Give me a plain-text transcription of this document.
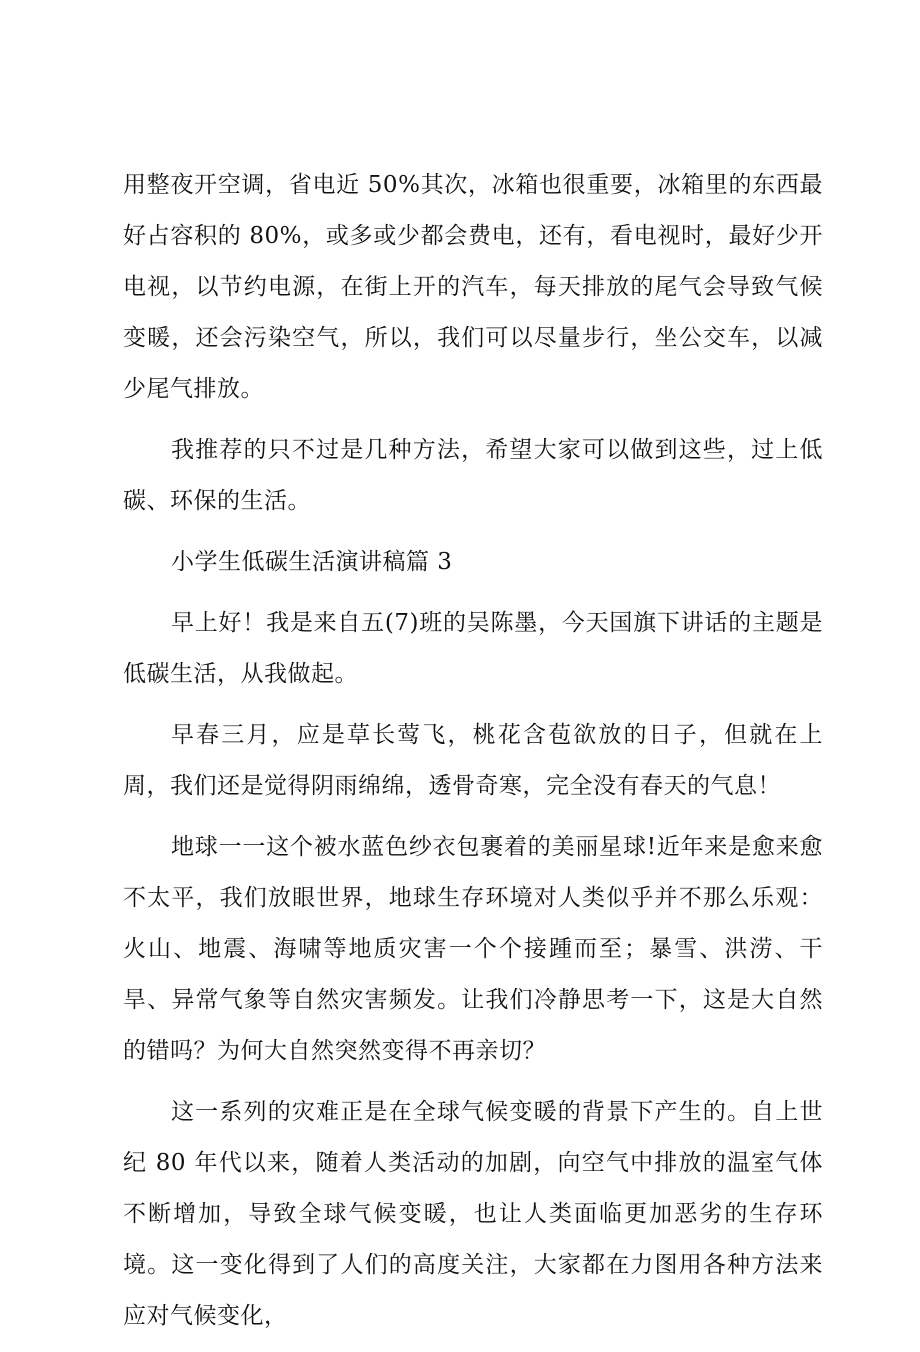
用整夜开空调，省电近 50%其次，冰箱也很重要，冰箱里的东西最好占容积的 80%，或多或少都会费电，还有，看电视时，最好少开电视，以节约电源，在街上开的汽车，每天排放的尾气会导致气候变暖，还会污染空气，所以，我们可以尽量步行，坐公交车，以减少尾气排放。

我推荐的只不过是几种方法，希望大家可以做到这些，过上低碳、环保的生活。

小学生低碳生活演讲稿篇 3

早上好！我是来自五(7)班的吴陈墨，今天国旗下讲话的主题是低碳生活，从我做起。

早春三月，应是草长莺飞，桃花含苞欲放的日子，但就在上周，我们还是觉得阴雨绵绵，透骨奇寒，完全没有春天的气息！

地球一一这个被水蓝色纱衣包裹着的美丽星球!近年来是愈来愈不太平，我们放眼世界，地球生存环境对人类似乎并不那么乐观：火山、地震、海啸等地质灾害一个个接踵而至；暴雪、洪涝、干旱、异常气象等自然灾害频发。让我们冷静思考一下，这是大自然的错吗？为何大自然突然变得不再亲切？

这一系列的灾难正是在全球气候变暖的背景下产生的。自上世纪 80 年代以来，随着人类活动的加剧，向空气中排放的温室气体不断增加，导致全球气候变暖，也让人类面临更加恶劣的生存环境。这一变化得到了人们的高度关注，大家都在力图用各种方法来应对气候变化，
